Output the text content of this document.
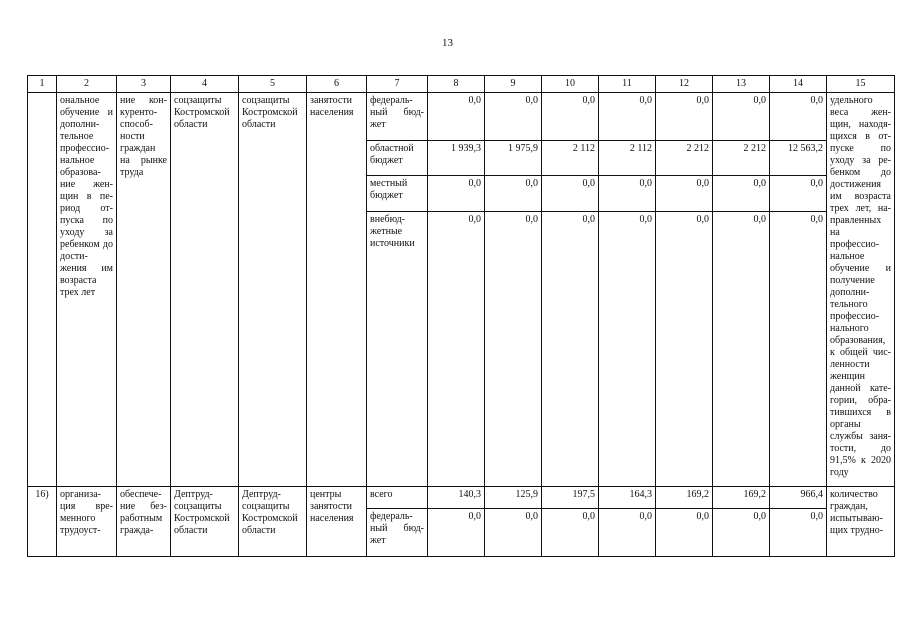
13
1	2	3	4	5	6	7	8	9	10	11	12	13	14	15
	ональное обучение и дополни-тельное профессио-нальное образова-ние жен-щин в пе-риод от-пуска по уходу за ребенком до дости-жения им возраста трех лет	ние кон-куренто-способ-ности граждан на рынке труда	соцзащиты Костромской области	соцзащиты Костромской области	занятости населения	федераль-ный бюд-жет	0,0	0,0	0,0	0,0	0,0	0,0	0,0	удельного веса жен-щин, находя-щихся в от-пуске по уходу за ре-бенком до достижения им возраста трех лет, на-правленных на профессио-нальное обучение и получение дополни-тельного профессио-нального образования, к общей чис-ленности женщин данной кате-гории, обра-тившихся в органы службы заня-тости, до 91,5% к 2020 году
						областной бюджет	1 939,3	1 975,9	2 112	2 112	2 212	2 212	12 563,2	
						местный бюджет	0,0	0,0	0,0	0,0	0,0	0,0	0,0	
						внебюд-жетные источники	0,0	0,0	0,0	0,0	0,0	0,0	0,0	
16)	организа-ция вре-менного трудоуст-	обеспече-ние без-работным гражда-	Дептруд-соцзащиты Костромской области	Дептруд-соцзащиты Костромской области	центры занятости населения	всего	140,3	125,9	197,5	164,3	169,2	169,2	966,4	количество граждан, испытываю-щих трудно-
						федераль-ный бюд-жет	0,0	0,0	0,0	0,0	0,0	0,0	0,0	
